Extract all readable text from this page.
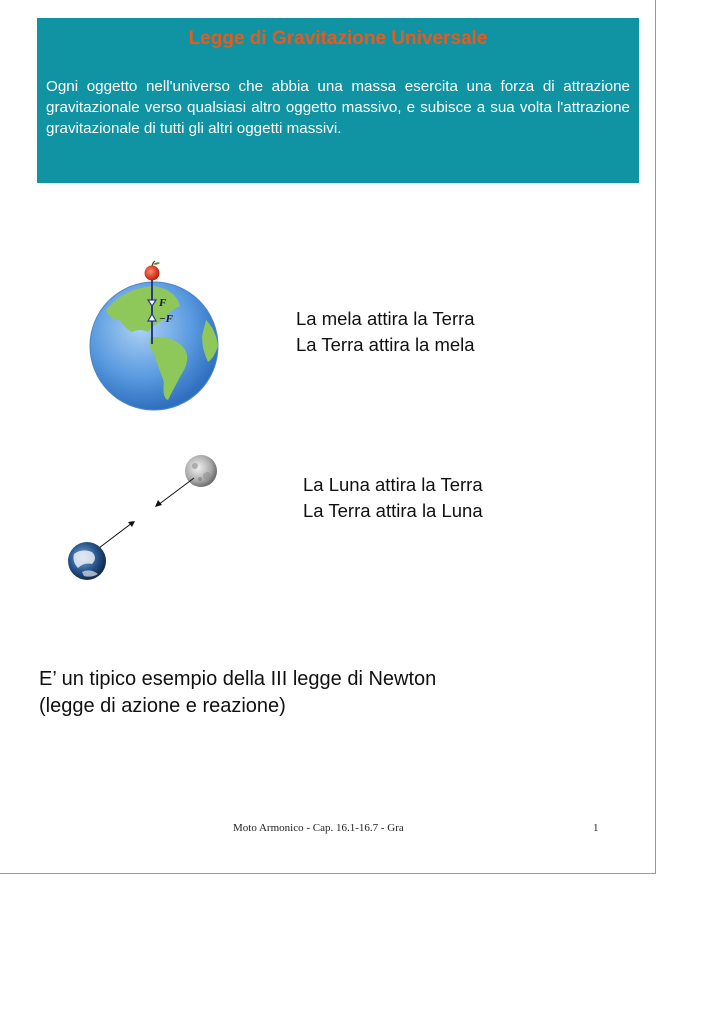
Legge di Gravitazione Universale
Ogni oggetto nell'universo che abbia una massa esercita una forza di attrazione gravitazionale verso qualsiasi altro oggetto massivo, e subisce a sua volta l'attrazione gravitazionale di tutti gli altri oggetti massivi.
F
−F	La mela attira la Terra
La Terra attira la mela
La Luna attira la Terra
La Terra attira la Luna
E’ un tipico esempio della III legge di Newton
(legge di azione e reazione)
Moto Armonico - Cap. 16.1-16.7 - Gra	1
